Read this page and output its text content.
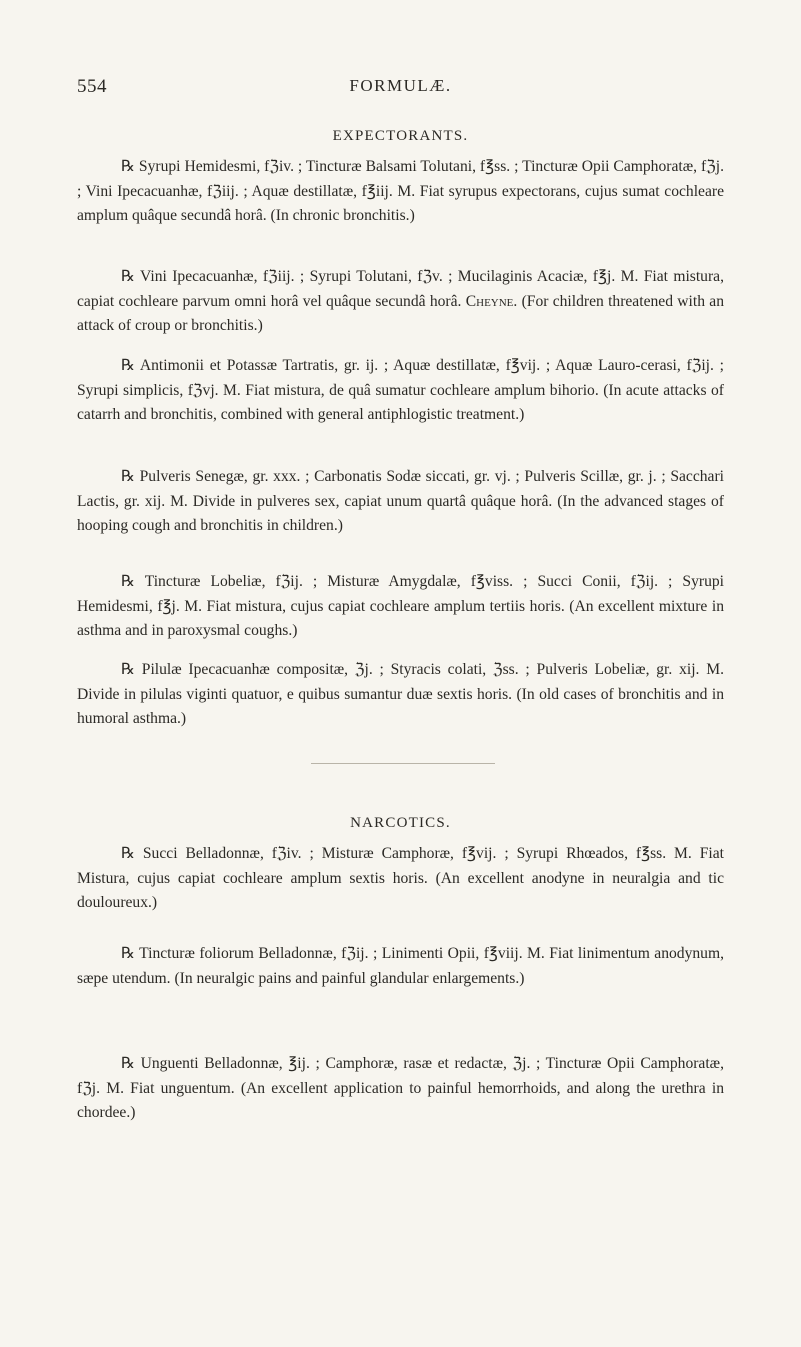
554	FORMULÆ.
EXPECTORANTS.

℞ Syrupi Hemidesmi, fℨiv. ; Tincturæ Balsami Tolutani, f℥ss. ; Tincturæ Opii Camphoratæ, fℨj. ; Vini Ipecacuanhæ, fℨiij. ; Aquæ destillatæ, f℥iij. M. Fiat syrupus expectorans, cujus sumat cochleare amplum quâque secundâ horâ. (In chronic bronchitis.)

℞ Vini Ipecacuanhæ, fℨiij. ; Syrupi Tolutani, fℨv. ; Mucilaginis Acaciæ, f℥j. M. Fiat mistura, capiat cochleare parvum omni horâ vel quâque secundâ horâ. Cheyne. (For children threatened with an attack of croup or bronchitis.)

℞ Antimonii et Potassæ Tartratis, gr. ij. ; Aquæ destillatæ, f℥vij. ; Aquæ Lauro-cerasi, fℨij. ; Syrupi simplicis, fℨvj. M. Fiat mistura, de quâ sumatur cochleare amplum bihorio. (In acute attacks of catarrh and bronchitis, combined with general antiphlogistic treatment.)

℞ Pulveris Senegæ, gr. xxx. ; Carbonatis Sodæ siccati, gr. vj. ; Pulveris Scillæ, gr. j. ; Sacchari Lactis, gr. xij. M. Divide in pulveres sex, capiat unum quartâ quâque horâ. (In the advanced stages of hooping cough and bronchitis in children.)

℞ Tincturæ Lobeliæ, fℨij. ; Misturæ Amygdalæ, f℥viss. ; Succi Conii, fℨij. ; Syrupi Hemidesmi, f℥j. M. Fiat mistura, cujus capiat cochleare amplum tertiis horis. (An excellent mixture in asthma and in paroxysmal coughs.)

℞ Pilulæ Ipecacuanhæ compositæ, ℨj. ; Styracis colati, ℨss. ; Pulveris Lobeliæ, gr. xij. M. Divide in pilulas viginti quatuor, e quibus sumantur duæ sextis horis. (In old cases of bronchitis and in humoral asthma.)

NARCOTICS.

℞ Succi Belladonnæ, fℨiv. ; Misturæ Camphoræ, f℥vij. ; Syrupi Rhœados, f℥ss. M. Fiat Mistura, cujus capiat cochleare amplum sextis horis. (An excellent anodyne in neuralgia and tic douloureux.)

℞ Tincturæ foliorum Belladonnæ, fℨij. ; Linimenti Opii, f℥viij. M. Fiat linimentum anodynum, sæpe utendum. (In neuralgic pains and painful glandular enlargements.)

℞ Unguenti Belladonnæ, ℥ij. ; Camphoræ, rasæ et redactæ, ℨj. ; Tincturæ Opii Camphoratæ, fℨj. M. Fiat unguentum. (An excellent application to painful hemorrhoids, and along the urethra in chordee.)
